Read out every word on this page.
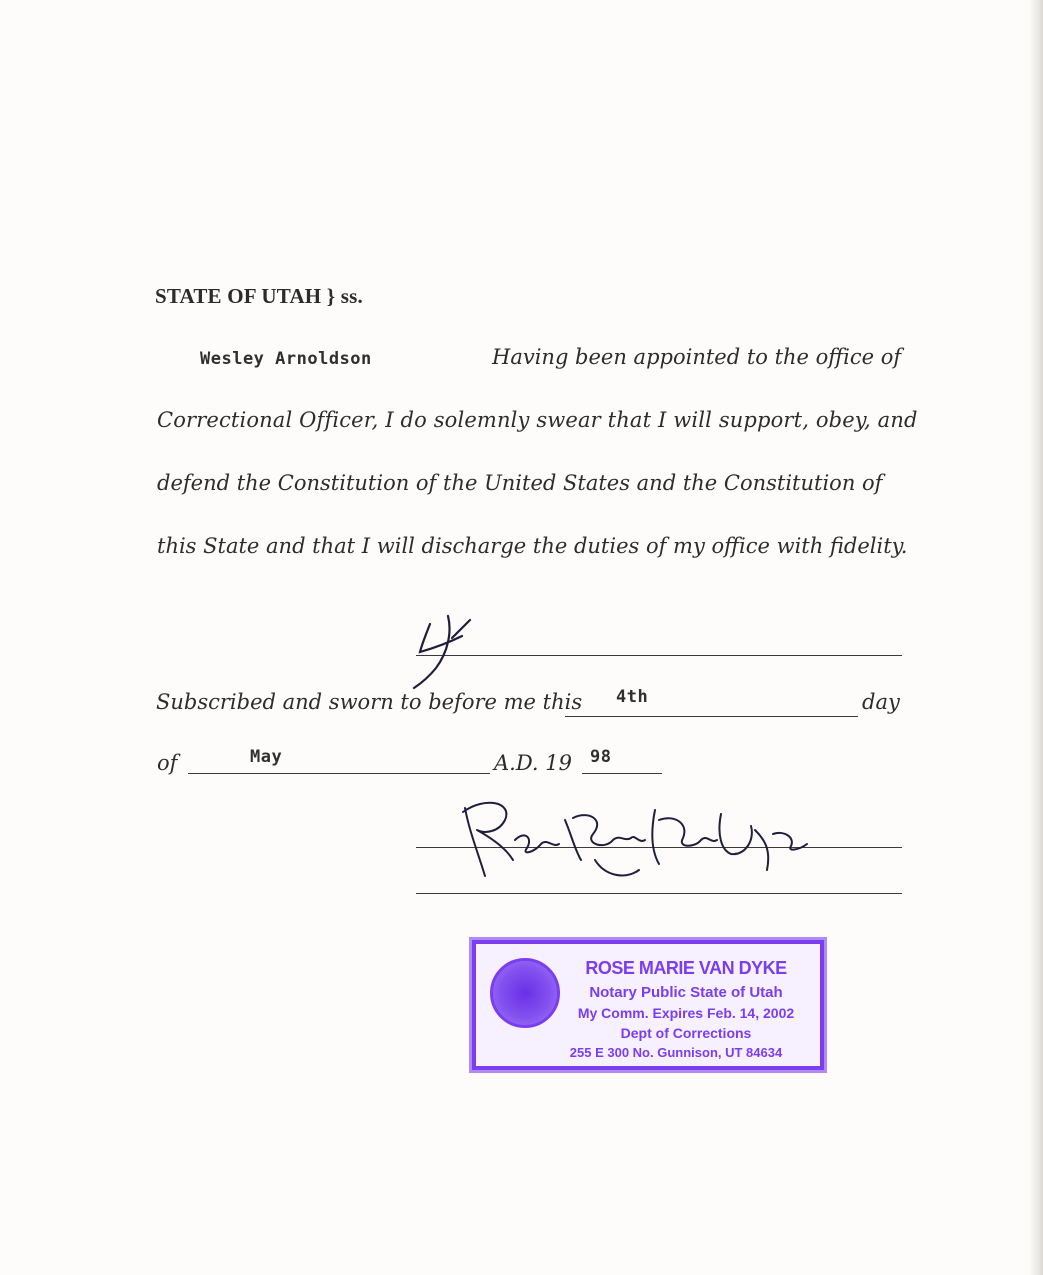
STATE OF UTAH } ss.
Wesley Arnoldson	Having been appointed to the office of
Correctional Officer, I do solemnly swear that I will support, obey, and
defend the Constitution of the United States and the Constitution of
this State and that I will discharge the duties of my office with fidelity.
Subscribed and sworn to before me this 4th	day
of	May	A.D. 19 98
ROSE MARIE VAN DYKE
Notary Public State of Utah
My Comm. Expires Feb. 14, 2002
Dept of Corrections
255 E 300 No. Gunnison, UT 84634
